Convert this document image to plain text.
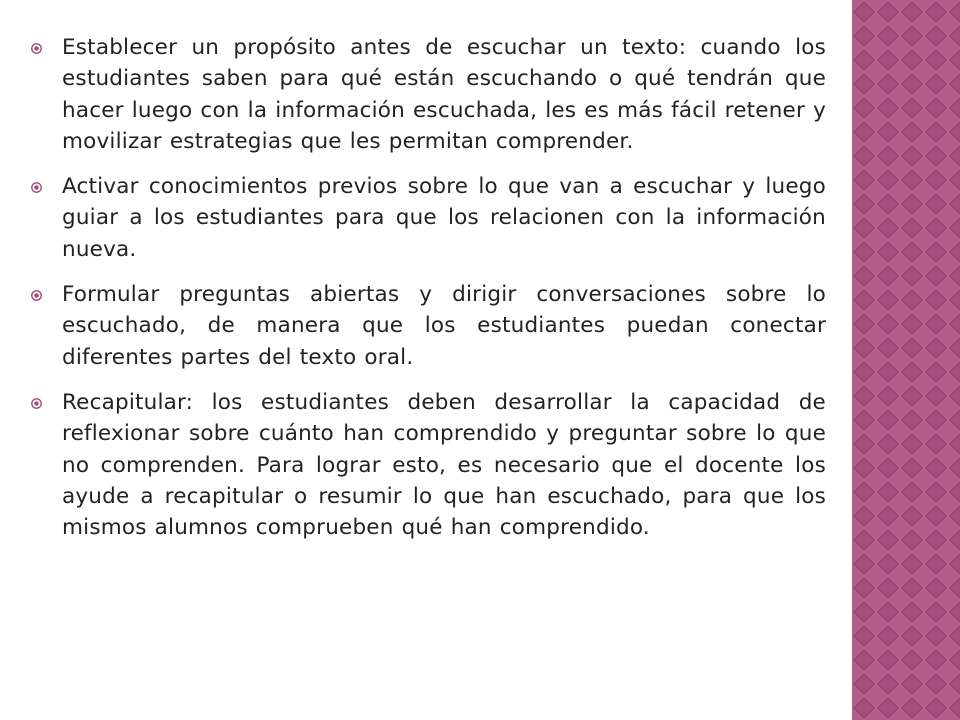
Establecer un propósito antes de escuchar un texto: cuando los estudiantes saben para qué están escuchando o qué tendrán que hacer luego con la información escuchada, les es más fácil retener y movilizar estrategias que les permitan comprender.
Activar conocimientos previos sobre lo que van a escuchar y luego guiar a los estudiantes para que los relacionen con la información nueva.
Formular preguntas abiertas y dirigir conversaciones sobre lo escuchado, de manera que los estudiantes puedan conectar diferentes partes del texto oral.
Recapitular: los estudiantes deben desarrollar la capacidad de reflexionar sobre cuánto han comprendido y preguntar sobre lo que no comprenden. Para lograr esto, es necesario que el docente los ayude a recapitular o resumir lo que han escuchado, para que los mismos alumnos comprueben qué han comprendido.
